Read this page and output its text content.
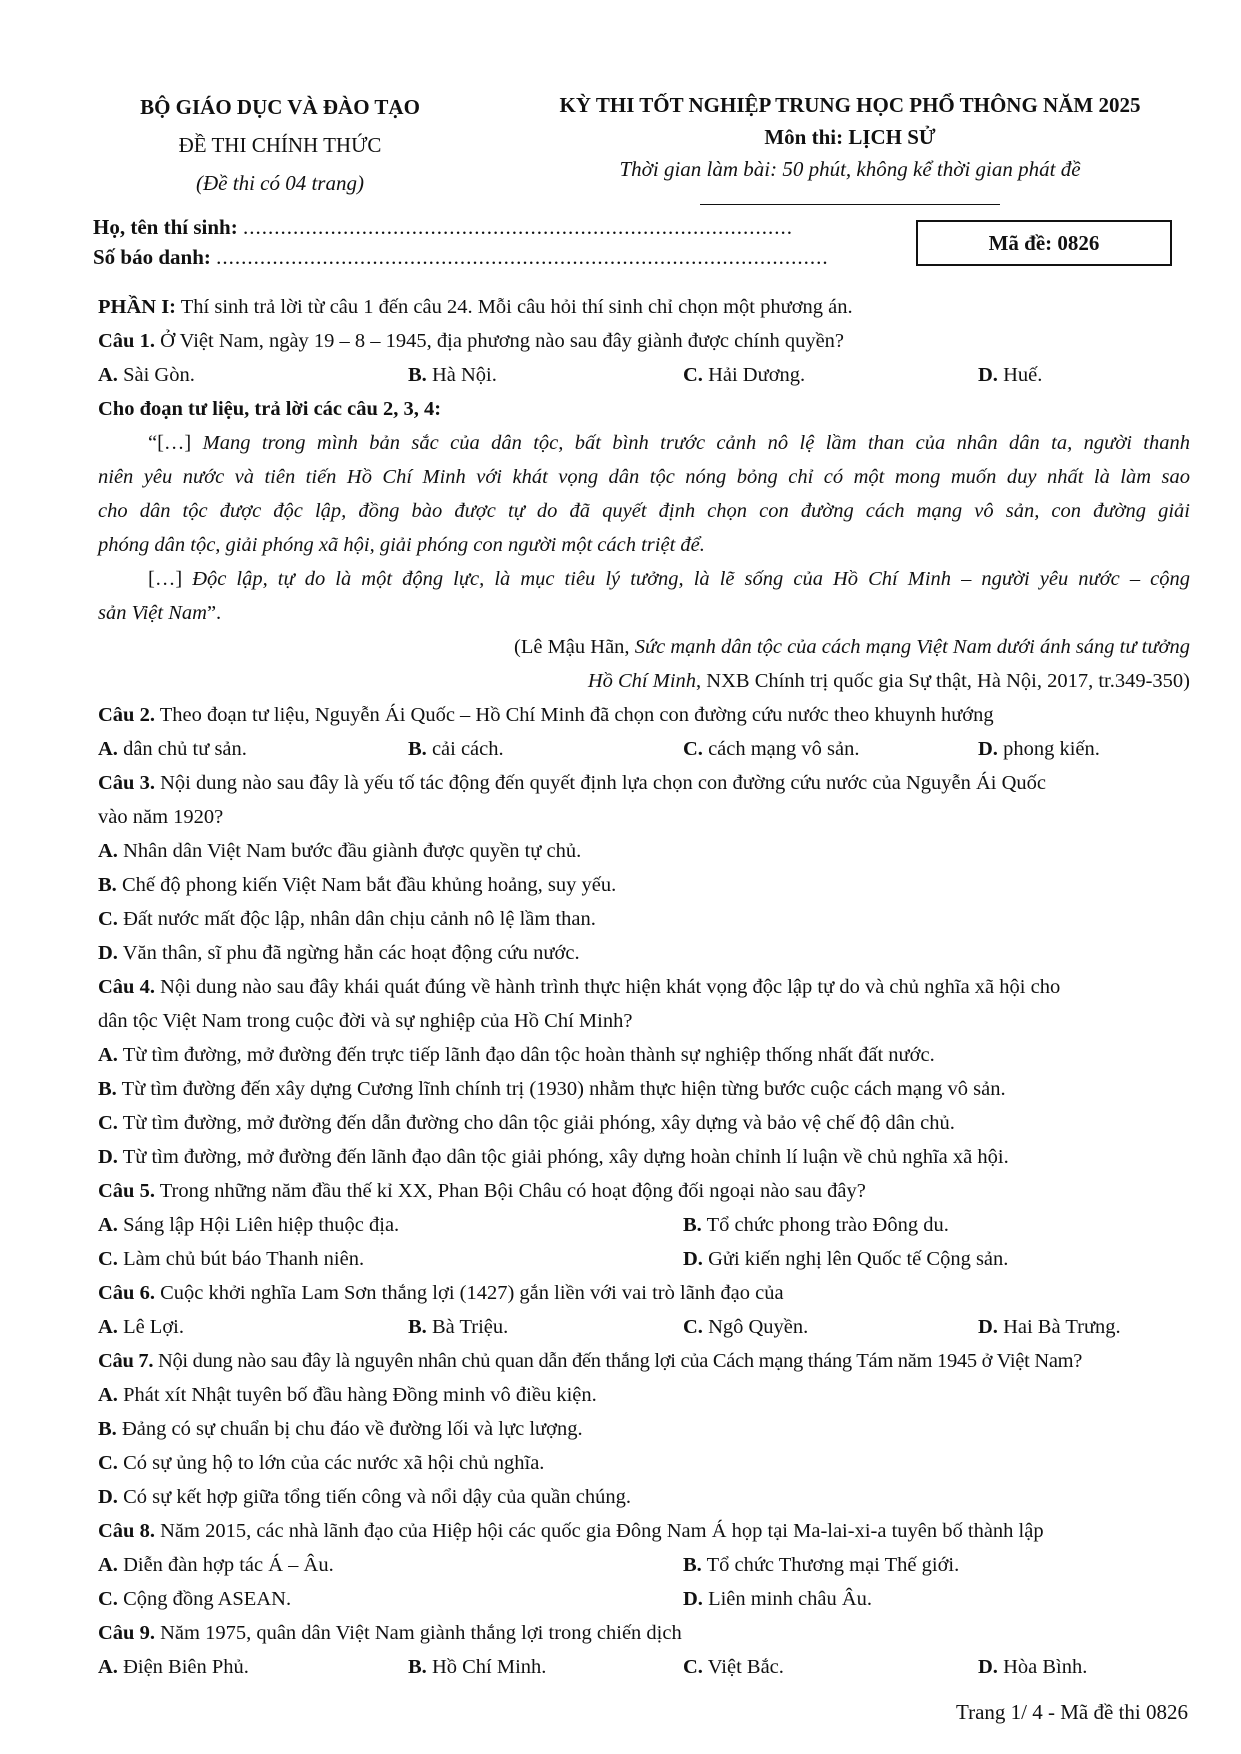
BỘ GIÁO DỤC VÀ ĐÀO TẠO
ĐỀ THI CHÍNH THỨC
(Đề thi có 04 trang)
KỲ THI TỐT NGHIỆP TRUNG HỌC PHỔ THÔNG NĂM 2025
Môn thi: LỊCH SỬ
Thời gian làm bài: 50 phút, không kể thời gian phát đề
Họ, tên thí sinh: ........................................................................................
Số báo danh: ..................................................................................................
Mã đề: 0826
PHẦN I: Thí sinh trả lời từ câu 1 đến câu 24. Mỗi câu hỏi thí sinh chỉ chọn một phương án.
Câu 1. Ở Việt Nam, ngày 19 – 8 – 1945, địa phương nào sau đây giành được chính quyền?
A. Sài Gòn.	B. Hà Nội.	C. Hải Dương.	D. Huế.
Cho đoạn tư liệu, trả lời các câu 2, 3, 4:
“[…] Mang trong mình bản sắc của dân tộc, bất bình trước cảnh nô lệ lầm than của nhân dân ta, người thanh
niên yêu nước và tiên tiến Hồ Chí Minh với khát vọng dân tộc nóng bỏng chỉ có một mong muốn duy nhất là làm sao
cho dân tộc được độc lập, đồng bào được tự do đã quyết định chọn con đường cách mạng vô sản, con đường giải
phóng dân tộc, giải phóng xã hội, giải phóng con người một cách triệt để.
[…] Độc lập, tự do là một động lực, là mục tiêu lý tưởng, là lẽ sống của Hồ Chí Minh – người yêu nước – cộng
sản Việt Nam”.
(Lê Mậu Hãn, Sức mạnh dân tộc của cách mạng Việt Nam dưới ánh sáng tư tưởng
Hồ Chí Minh, NXB Chính trị quốc gia Sự thật, Hà Nội, 2017, tr.349-350)
Câu 2. Theo đoạn tư liệu, Nguyễn Ái Quốc – Hồ Chí Minh đã chọn con đường cứu nước theo khuynh hướng
A. dân chủ tư sản.	B. cải cách.	C. cách mạng vô sản.	D. phong kiến.
Câu 3. Nội dung nào sau đây là yếu tố tác động đến quyết định lựa chọn con đường cứu nước của Nguyễn Ái Quốc
vào năm 1920?
A. Nhân dân Việt Nam bước đầu giành được quyền tự chủ.
B. Chế độ phong kiến Việt Nam bắt đầu khủng hoảng, suy yếu.
C. Đất nước mất độc lập, nhân dân chịu cảnh nô lệ lầm than.
D. Văn thân, sĩ phu đã ngừng hẳn các hoạt động cứu nước.
Câu 4. Nội dung nào sau đây khái quát đúng về hành trình thực hiện khát vọng độc lập tự do và chủ nghĩa xã hội cho
dân tộc Việt Nam trong cuộc đời và sự nghiệp của Hồ Chí Minh?
A. Từ tìm đường, mở đường đến trực tiếp lãnh đạo dân tộc hoàn thành sự nghiệp thống nhất đất nước.
B. Từ tìm đường đến xây dựng Cương lĩnh chính trị (1930) nhằm thực hiện từng bước cuộc cách mạng vô sản.
C. Từ tìm đường, mở đường đến dẫn đường cho dân tộc giải phóng, xây dựng và bảo vệ chế độ dân chủ.
D. Từ tìm đường, mở đường đến lãnh đạo dân tộc giải phóng, xây dựng hoàn chỉnh lí luận về chủ nghĩa xã hội.
Câu 5. Trong những năm đầu thế kỉ XX, Phan Bội Châu có hoạt động đối ngoại nào sau đây?
A. Sáng lập Hội Liên hiệp thuộc địa.	B. Tổ chức phong trào Đông du.
C. Làm chủ bút báo Thanh niên.	D. Gửi kiến nghị lên Quốc tế Cộng sản.
Câu 6. Cuộc khởi nghĩa Lam Sơn thắng lợi (1427) gắn liền với vai trò lãnh đạo của
A. Lê Lợi.	B. Bà Triệu.	C. Ngô Quyền.	D. Hai Bà Trưng.
Câu 7. Nội dung nào sau đây là nguyên nhân chủ quan dẫn đến thắng lợi của Cách mạng tháng Tám năm 1945 ở Việt Nam?
A. Phát xít Nhật tuyên bố đầu hàng Đồng minh vô điều kiện.
B. Đảng có sự chuẩn bị chu đáo về đường lối và lực lượng.
C. Có sự ủng hộ to lớn của các nước xã hội chủ nghĩa.
D. Có sự kết hợp giữa tổng tiến công và nổi dậy của quần chúng.
Câu 8. Năm 2015, các nhà lãnh đạo của Hiệp hội các quốc gia Đông Nam Á họp tại Ma-lai-xi-a tuyên bố thành lập
A. Diễn đàn hợp tác Á – Âu.	B. Tổ chức Thương mại Thế giới.
C. Cộng đồng ASEAN.	D. Liên minh châu Âu.
Câu 9. Năm 1975, quân dân Việt Nam giành thắng lợi trong chiến dịch
A. Điện Biên Phủ.	B. Hồ Chí Minh.	C. Việt Bắc.	D. Hòa Bình.
Trang 1/ 4 - Mã đề thi 0826
